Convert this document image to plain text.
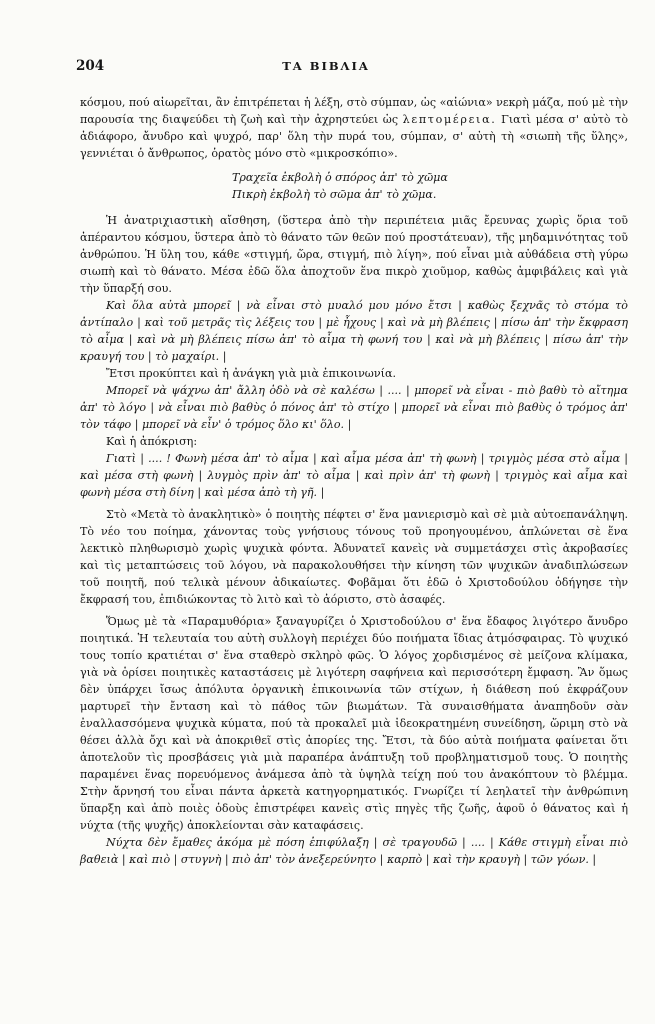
204	ΤΑ ΒΙΒΛΙΑ

κόσμου, πού αἰωρεῖται, ἂν ἐπιτρέπεται ἡ λέξη, στὸ σύμπαν, ὡς «αἰώνια» νεκρὴ μάζα, πού μὲ τὴν παρουσία της διαψεύδει τὴ ζωὴ καὶ τὴν ἀχρηστεύει ὡς λεπτομέρεια. Γιατὶ μέσα σ' αὐτὸ τὸ ἀδιάφορο, ἄνυδρο καὶ ψυχρό, παρ' ὅλη τὴν πυρά του, σύμπαν, σ' αὐτὴ τὴ «σιωπὴ τῆς ὕλης», γεννιέται ὁ ἄνθρωπος, ὁρατὸς μόνο στὸ «μικροσκόπιο».

Τραχεῖα ἐκβολὴ ὁ σπόρος ἀπ' τὸ χῶμα
Πικρὴ ἐκβολὴ τὸ σῶμα ἀπ' τὸ χῶμα.

Ἡ ἀνατριχιαστικὴ αἴσθηση, (ὕστερα ἀπὸ τὴν περιπέτεια μιᾶς ἔρευνας χωρὶς ὅρια τοῦ ἀπέραντου κόσμου, ὕστερα ἀπὸ τὸ θάνατο τῶν θεῶν πού προστάτευαν), τῆς μηδαμινότητας τοῦ ἀνθρώπου. Ἡ ὕλη του, κάθε «στιγμή, ὥρα, στιγμή, πιὸ λίγη», πού εἶναι μιὰ αὐθάδεια στὴ γύρω σιωπὴ καὶ τὸ θάνατο. Μέσα ἐδῶ ὅλα ἀποχτοῦν ἕνα πικρὸ χιοῦμορ, καθὼς ἀμφιβάλεις καὶ γιὰ τὴν ὕπαρξή σου.

Καὶ ὅλα αὐτὰ μπορεῖ | νὰ εἶναι στὸ μυαλό μου μόνο ἔτσι | καθὼς ξεχνᾶς τὸ στόμα τὸ ἀντίπαλο | καὶ τοῦ μετρᾶς τὶς λέξεις του | μὲ ἦχους | καὶ νὰ μὴ βλέπεις | πίσω ἀπ' τὴν ἔκφραση τὸ αἷμα | καὶ νὰ μὴ βλέπεις πίσω ἀπ' τὸ αἷμα τὴ φωνή του | καὶ νὰ μὴ βλέπεις | πίσω ἀπ' τὴν κραυγή του | τὸ μαχαίρι. |

Ἔτσι προκύπτει καὶ ἡ ἀνάγκη γιὰ μιὰ ἐπικοινωνία.

Μπορεῖ νὰ ψάχνω ἀπ' ἄλλη ὁδὸ νὰ σὲ καλέσω | .... | μπορεῖ νὰ εἶναι - πιὸ βαθὺ τὸ αἴτημα ἀπ' τὸ λόγο | νὰ εἶναι πιὸ βαθὺς ὁ πόνος ἀπ' τὸ στίχο | μπορεῖ νὰ εἶναι πιὸ βαθὺς ὁ τρόμος ἀπ' τὸν τάφο | μπορεῖ νὰ εἶν' ὁ τρόμος ὅλο κι' ὅλο. |

Καὶ ἡ ἀπόκριση:

Γιατὶ | .... ! Φωνὴ μέσα ἀπ' τὸ αἷμα | καὶ αἷμα μέσα ἀπ' τὴ φωνὴ | τριγμὸς μέσα στὸ αἷμα | καὶ μέσα στὴ φωνὴ | λυγμὸς πρὶν ἀπ' τὸ αἷμα | καὶ πρὶν ἀπ' τὴ φωνὴ | τριγμὸς καὶ αἷμα καὶ φωνὴ μέσα στὴ δίνη | καὶ μέσα ἀπὸ τὴ γῆ. |

Στὸ «Μετὰ τὸ ἀνακλητικὸ» ὁ ποιητὴς πέφτει σ' ἕνα μανιερισμὸ καὶ σὲ μιὰ αὐτοεπανάληψη. Τὸ νέο του ποίημα, χάνοντας τοὺς γνήσιους τόνους τοῦ προηγουμένου, ἁπλώνεται σὲ ἕνα λεκτικὸ πληθωρισμὸ χωρὶς ψυχικὰ φόντα. Ἀδυνατεῖ κανεὶς νὰ συμμετάσχει στὶς ἀκροβασίες καὶ τὶς μεταπτώσεις τοῦ λόγου, νὰ παρακολουθήσει τὴν κίνηση τῶν ψυχικῶν ἀναδιπλώσεων τοῦ ποιητῆ, πού τελικὰ μένουν ἀδικαίωτες. Φοβᾶμαι ὅτι ἐδῶ ὁ Χριστοδούλου ὁδήγησε τὴν ἔκφρασή του, ἐπιδιώκοντας τὸ λιτὸ καὶ τὸ ἀόριστο, στὸ ἀσαφές.

Ὅμως μὲ τὰ «Παραμυθόρια» ξαναγυρίζει ὁ Χριστοδούλου σ' ἕνα ἔδαφος λιγότερο ἄνυδρο ποιητικά. Ἡ τελευταία του αὐτὴ συλλογὴ περιέχει δύο ποιήματα ἴδιας ἀτμόσφαιρας. Τὸ ψυχικό τους τοπίο κρατιέται σ' ἕνα σταθερὸ σκληρὸ φῶς. Ὁ λόγος χορδισμένος σὲ μείζονα κλίμακα, γιὰ νὰ ὁρίσει ποιητικὲς καταστάσεις μὲ λιγότερη σαφήνεια καὶ περισσότερη ἔμφαση. Ἂν ὅμως δὲν ὑπάρχει ἴσως ἀπόλυτα ὀργανικὴ ἐπικοινωνία τῶν στίχων, ἡ διάθεση πού ἐκφράζουν μαρτυρεῖ τὴν ἔνταση καὶ τὸ πάθος τῶν βιωμάτων. Τὰ συναισθήματα ἀναπηδοῦν σὰν ἐναλλασσόμενα ψυχικὰ κύματα, πού τὰ προκαλεῖ μιὰ ἰδεοκρατημένη συνείδηση, ὥριμη στὸ νὰ θέσει ἀλλὰ ὄχι καὶ νὰ ἀποκριθεῖ στὶς ἀπορίες της. Ἔτσι, τὰ δύο αὐτὰ ποιήματα φαίνεται ὅτι ἀποτελοῦν τὶς προσβάσεις γιὰ μιὰ παραπέρα ἀνάπτυξη τοῦ προβληματισμοῦ τους. Ὁ ποιητὴς παραμένει ἕνας πορευόμενος ἀνάμεσα ἀπὸ τὰ ὑψηλὰ τείχη πού του ἀνακόπτουν τὸ βλέμμα. Στὴν ἄρνησή του εἶναι πάντα ἀρκετὰ κατηγορηματικός. Γνωρίζει τί λεηλατεῖ τὴν ἀνθρώπινη ὕπαρξη καὶ ἀπὸ ποιὲς ὁδοὺς ἐπιστρέφει κανεὶς στὶς πηγὲς τῆς ζωῆς, ἀφοῦ ὁ θάνατος καὶ ἡ νύχτα (τῆς ψυχῆς) ἀποκλείονται σὰν καταφάσεις.

Νύχτα δὲν ἔμαθες ἀκόμα μὲ πόση ἐπιφύλαξη | σὲ τραγουδῶ | .... | Κάθε στιγμὴ εἶναι πιὸ βαθειὰ | καὶ πιὸ | στυγνὴ | πιὸ ἀπ' τὸν ἀνεξερεύνητο | καρπὸ | καὶ τὴν κραυγὴ | τῶν γόων. |
